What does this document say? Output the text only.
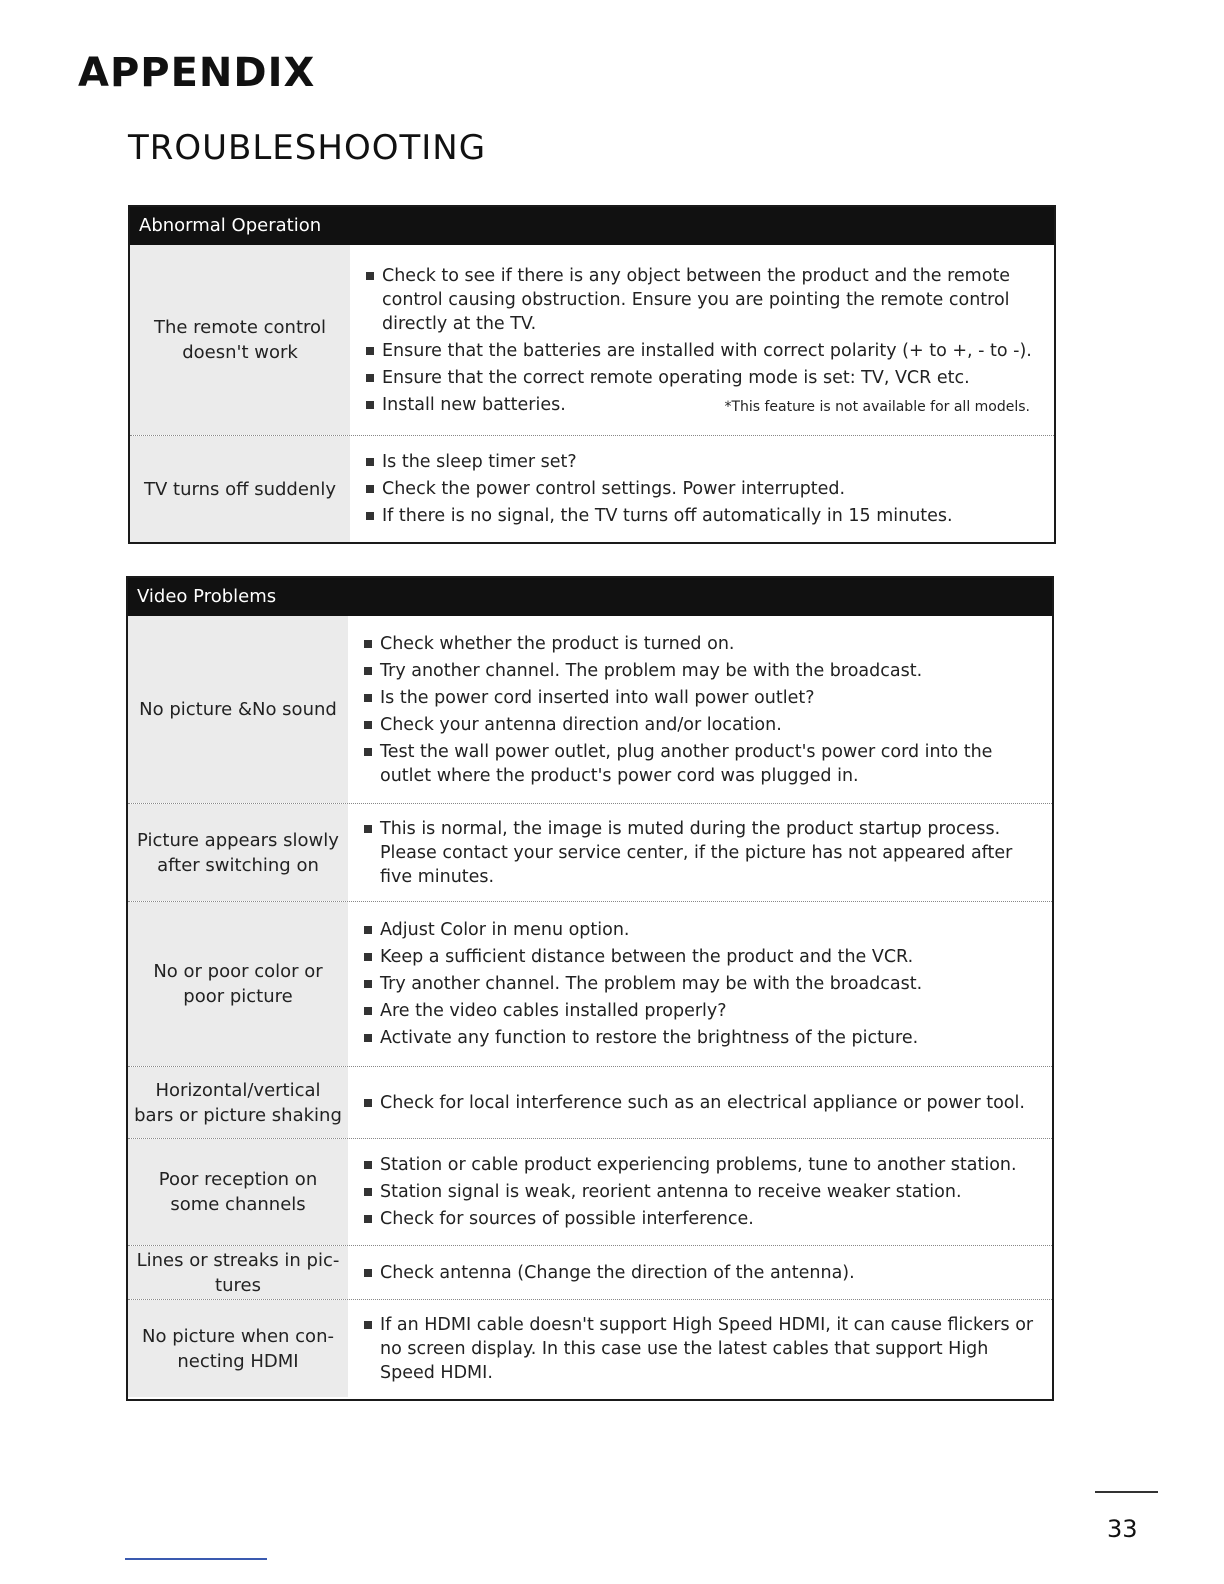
APPENDIX
TROUBLESHOOTING
Abnormal Operation
The remote control doesn't work
Check to see if there is any object between the product and the remote control causing obstruction. Ensure you are pointing the remote control directly at the TV.
Ensure that the batteries are installed with correct polarity (+ to +, - to -).
Ensure that the correct remote operating mode is set: TV, VCR etc.
Install new batteries.	*This feature is not available for all models.
TV turns off suddenly
Is the sleep timer set?
Check the power control settings. Power interrupted.
If there is no signal, the TV turns off automatically in 15 minutes.
Video Problems
No picture &No sound
Check whether the product is turned on.
Try another channel. The problem may be with the broadcast.
Is the power cord inserted into wall power outlet?
Check your antenna direction and/or location.
Test the wall power outlet, plug another product's power cord into the outlet where the product's power cord was plugged in.
Picture appears slowly after switching on
This is normal, the image is muted during the product startup process. Please contact your service center, if the picture has not appeared after five minutes.
No or poor color or poor picture
Adjust Color in menu option.
Keep a sufficient distance between the product and the VCR.
Try another channel. The problem may be with the broadcast.
Are the video cables installed properly?
Activate any function to restore the brightness of the picture.
Horizontal/vertical bars or picture shaking
Check for local interference such as an electrical appliance or power tool.
Poor reception on some channels
Station or cable product experiencing problems, tune to another station.
Station signal is weak, reorient antenna to receive weaker station.
Check for sources of possible interference.
Lines or streaks in pic-tures
Check antenna (Change the direction of the antenna).
No picture when con-necting HDMI
If an HDMI cable doesn't support High Speed HDMI, it can cause flickers or no screen display. In this case use the latest cables that support High Speed HDMI.
33
